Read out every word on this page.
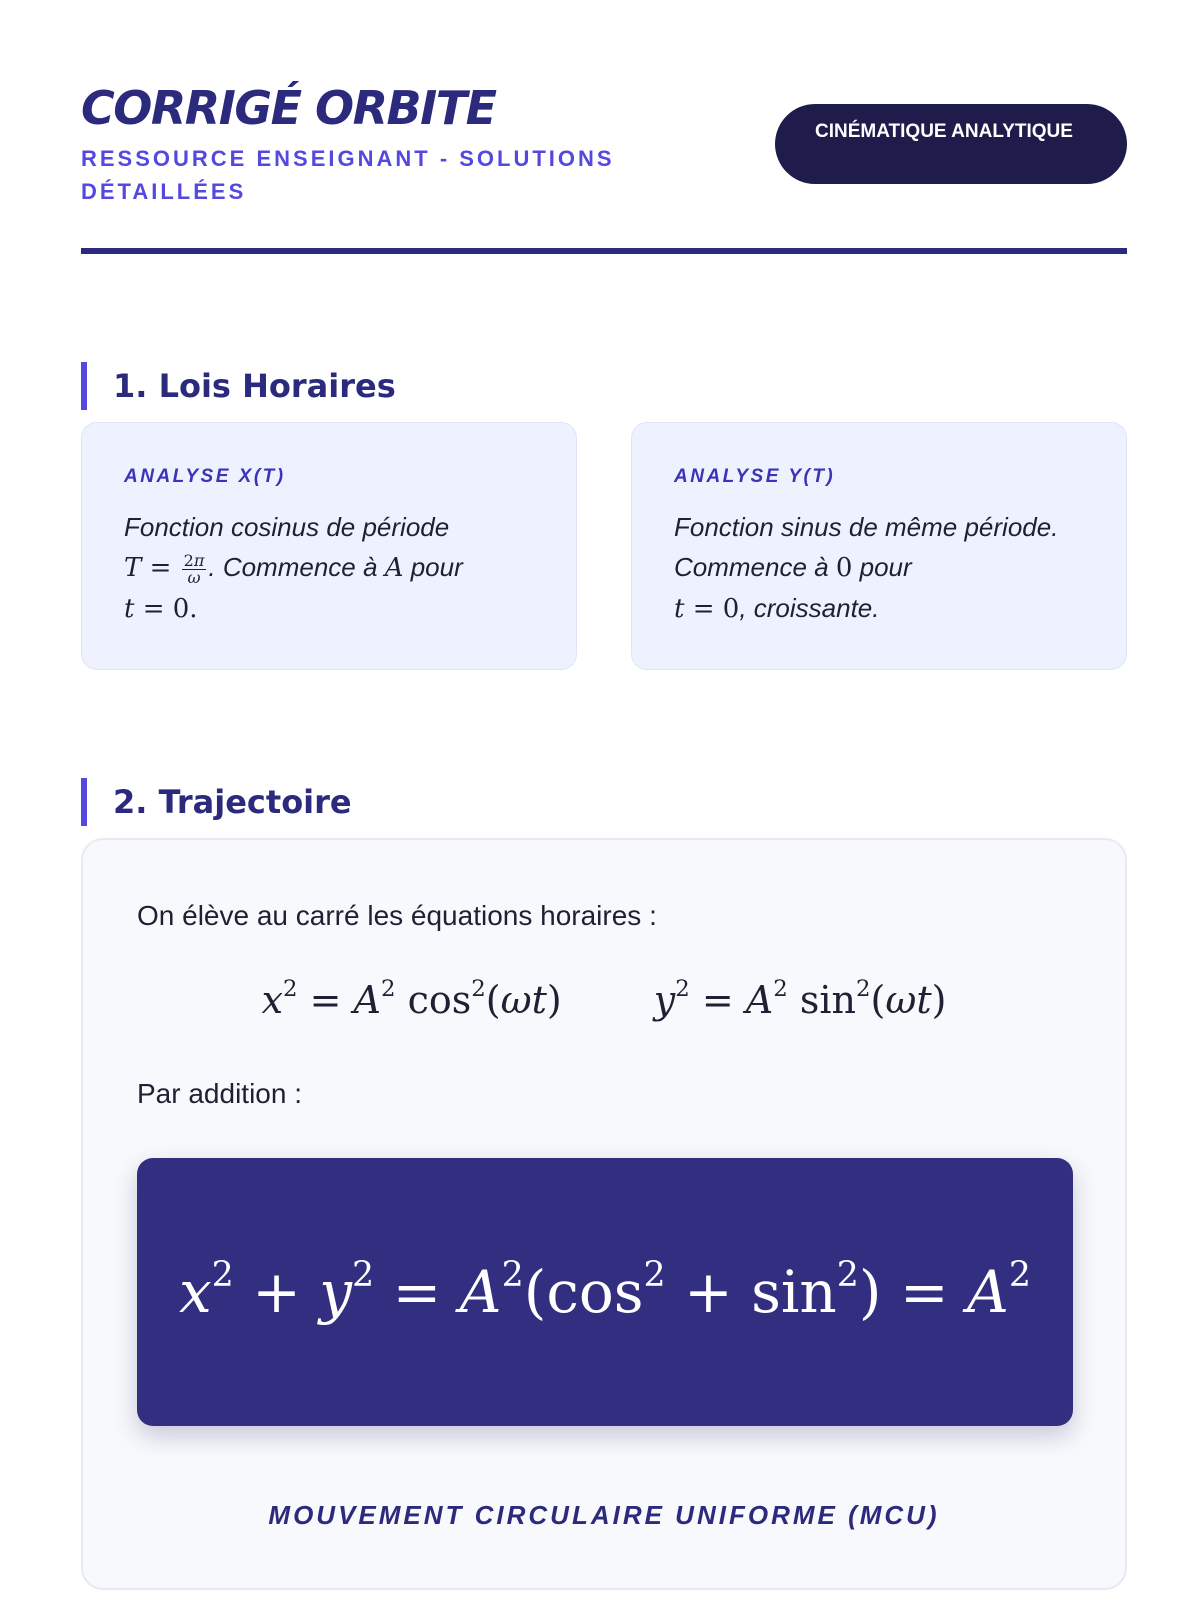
CORRIGÉ ORBITE
RESSOURCE ENSEIGNANT - SOLUTIONS DÉTAILLÉES
CINÉMATIQUE ANALYTIQUE
1. Lois Horaires
ANALYSE X(T)
Fonction cosinus de période
$T = \frac{2\pi}{\omega}$ . Commence à A pour
t = 0.
ANALYSE Y(T)
Fonction sinus de même période. Commence à 0 pour
t = 0, croissante.
2. Trajectoire
On élève au carré les équations horaires :
$x^2 = A^2$ $\cos^2(\omega t) y^2 = A^2$ $\sin^2(\omega t)$
Par addition :
$x^2 + y^2 = A^2(\cos^2 + \sin^2) = A^2$
MOUVEMENT CIRCULAIRE UNIFORME (MCU)
